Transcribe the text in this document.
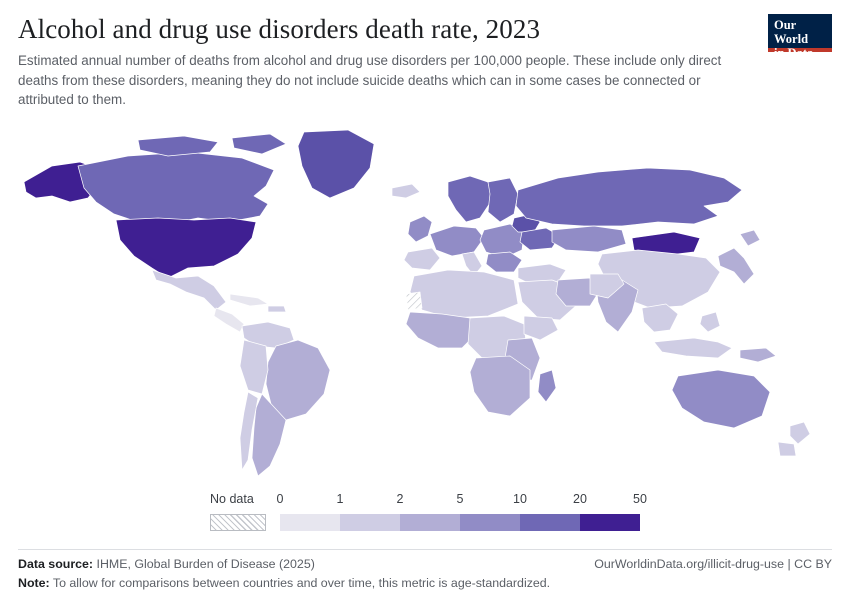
Alcohol and drug use disorders death rate, 2023

Estimated annual number of deaths from alcohol and drug use disorders per 100,000 people. These include only direct deaths from these disorders, meaning they do not include suicide deaths which can in some cases be connected or attributed to them.

Our World
in Data
No data 0	1	2	5	10	20	50
Data source: IHME, Global Burden of Disease (2025)	OurWorldinData.org/illicit-drug-use | CC BY
Note: To allow for comparisons between countries and over time, this metric is age-standardized.
